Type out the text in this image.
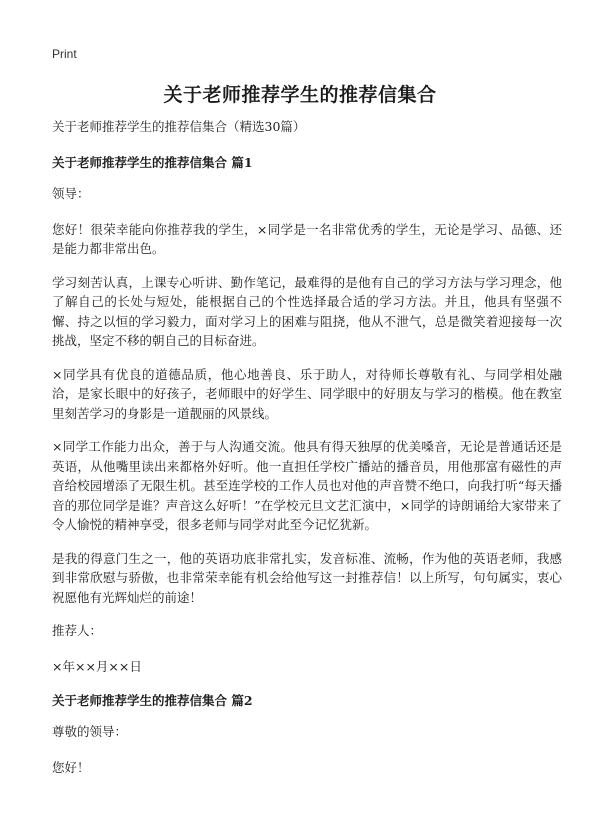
Print
关于老师推荐学生的推荐信集合
关于老师推荐学生的推荐信集合（精选30篇）
关于老师推荐学生的推荐信集合 篇1
领导：
您好！很荣幸能向你推荐我的学生，×同学是一名非常优秀的学生，无论是学习、品德、还是能力都非常出色。
学习刻苦认真，上课专心听讲、勤作笔记，最难得的是他有自己的学习方法与学习理念，他了解自己的长处与短处，能根据自己的个性选择最合适的学习方法。并且，他具有坚强不懈、持之以恒的学习毅力，面对学习上的困难与阻挠，他从不泄气，总是微笑着迎接每一次挑战，坚定不移的朝自己的目标奋进。
×同学具有优良的道德品质，他心地善良、乐于助人，对待师长尊敬有礼、与同学相处融洽，是家长眼中的好孩子，老师眼中的好学生、同学眼中的好朋友与学习的楷模。他在教室里刻苦学习的身影是一道靓丽的风景线。
×同学工作能力出众，善于与人沟通交流。他具有得天独厚的优美嗓音，无论是普通话还是英语，从他嘴里读出来都格外好听。他一直担任学校广播站的播音员，用他那富有磁性的声音给校园增添了无限生机。甚至连学校的工作人员也对他的声音赞不绝口，向我打听“每天播音的那位同学是谁？声音这么好听！”在学校元旦文艺汇演中，×同学的诗朗诵给大家带来了令人愉悦的精神享受，很多老师与同学对此至今记忆犹新。
是我的得意门生之一，他的英语功底非常扎实，发音标准、流畅，作为他的英语老师，我感到非常欣慰与骄傲，也非常荣幸能有机会给他写这一封推荐信！以上所写，句句属实，衷心祝愿他有光辉灿烂的前途！
推荐人：
×年××月××日
关于老师推荐学生的推荐信集合 篇2
尊敬的领导：
您好！
